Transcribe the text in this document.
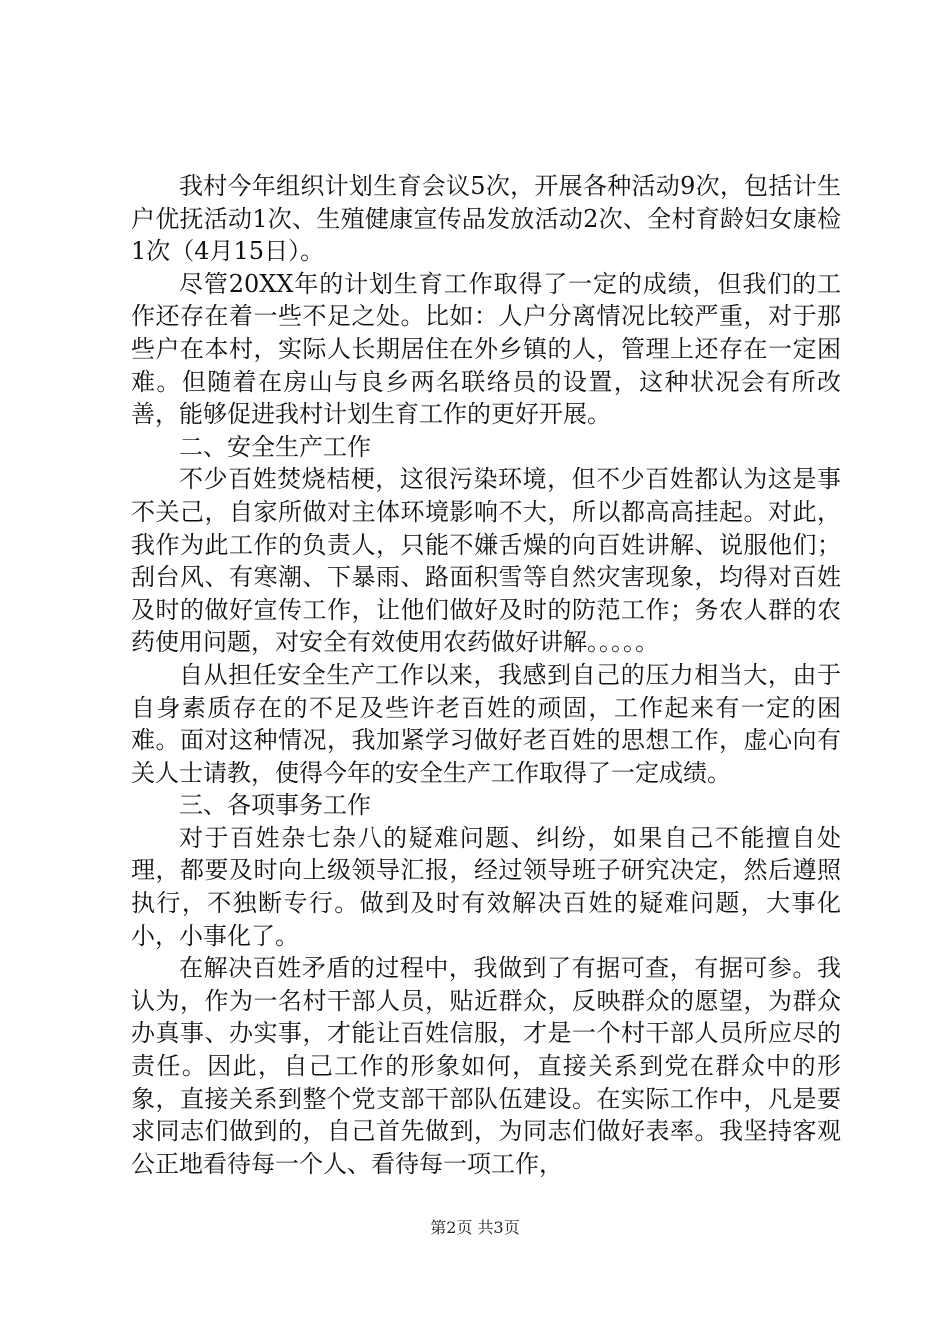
我村今年组织计划生育会议5次，开展各种活动9次，包括计生户优抚活动1次、生殖健康宣传品发放活动2次、全村育龄妇女康检1次（4月15日）。

尽管20XX年的计划生育工作取得了一定的成绩，但我们的工作还存在着一些不足之处。比如：人户分离情况比较严重，对于那些户在本村，实际人长期居住在外乡镇的人，管理上还存在一定困难。但随着在房山与良乡两名联络员的设置，这种状况会有所改善，能够促进我村计划生育工作的更好开展。

二、安全生产工作

不少百姓焚烧桔梗，这很污染环境，但不少百姓都认为这是事不关己，自家所做对主体环境影响不大，所以都高高挂起。对此，我作为此工作的负责人，只能不嫌舌燥的向百姓讲解、说服他们；刮台风、有寒潮、下暴雨、路面积雪等自然灾害现象，均得对百姓及时的做好宣传工作，让他们做好及时的防范工作；务农人群的农药使用问题，对安全有效使用农药做好讲解。。。。。

自从担任安全生产工作以来，我感到自己的压力相当大，由于自身素质存在的不足及些许老百姓的顽固，工作起来有一定的困难。面对这种情况，我加紧学习做好老百姓的思想工作，虚心向有关人士请教，使得今年的安全生产工作取得了一定成绩。

三、各项事务工作

对于百姓杂七杂八的疑难问题、纠纷，如果自己不能擅自处理，都要及时向上级领导汇报，经过领导班子研究决定，然后遵照执行，不独断专行。做到及时有效解决百姓的疑难问题，大事化小，小事化了。

在解决百姓矛盾的过程中，我做到了有据可查，有据可参。我认为，作为一名村干部人员，贴近群众，反映群众的愿望，为群众办真事、办实事，才能让百姓信服，才是一个村干部人员所应尽的责任。因此，自己工作的形象如何，直接关系到党在群众中的形象，直接关系到整个党支部干部队伍建设。在实际工作中，凡是要求同志们做到的，自己首先做到，为同志们做好表率。我坚持客观公正地看待每一个人、看待每一项工作，

第2页 共3页
